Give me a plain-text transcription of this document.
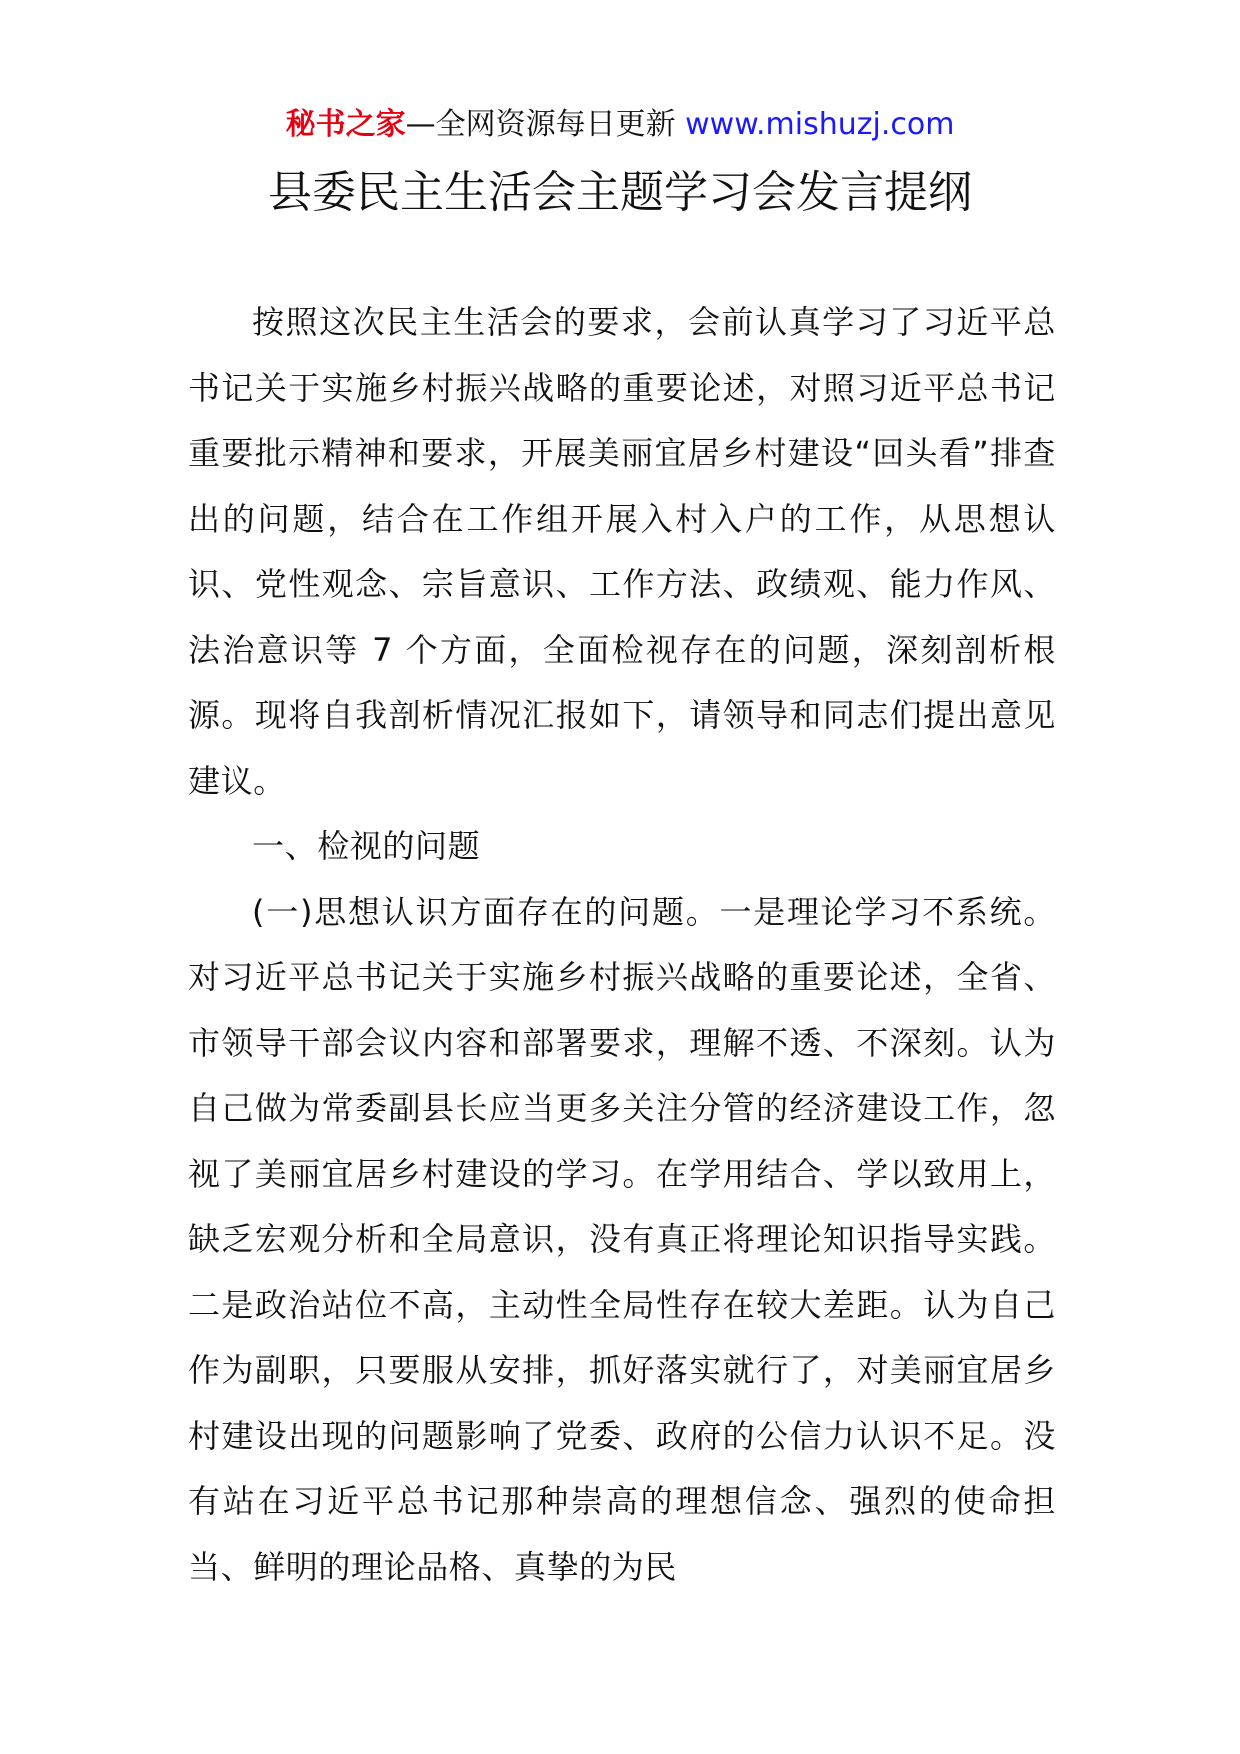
秘书之家—全网资源每日更新 www.mishuzj.com
县委民主生活会主题学习会发言提纲

按照这次民主生活会的要求，会前认真学习了习近平总书记关于实施乡村振兴战略的重要论述，对照习近平总书记重要批示精神和要求，开展美丽宜居乡村建设“回头看”排查出的问题，结合在工作组开展入村入户的工作，从思想认识、党性观念、宗旨意识、工作方法、政绩观、能力作风、法治意识等 7 个方面，全面检视存在的问题，深刻剖析根源。现将自我剖析情况汇报如下，请领导和同志们提出意见建议。

一、检视的问题

(一)思想认识方面存在的问题。一是理论学习不系统。对习近平总书记关于实施乡村振兴战略的重要论述，全省、市领导干部会议内容和部署要求，理解不透、不深刻。认为自己做为常委副县长应当更多关注分管的经济建设工作，忽视了美丽宜居乡村建设的学习。在学用结合、学以致用上，缺乏宏观分析和全局意识，没有真正将理论知识指导实践。二是政治站位不高，主动性全局性存在较大差距。认为自己作为副职，只要服从安排，抓好落实就行了，对美丽宜居乡村建设出现的问题影响了党委、政府的公信力认识不足。没有站在习近平总书记那种崇高的理想信念、强烈的使命担当、鲜明的理论品格、真挚的为民
